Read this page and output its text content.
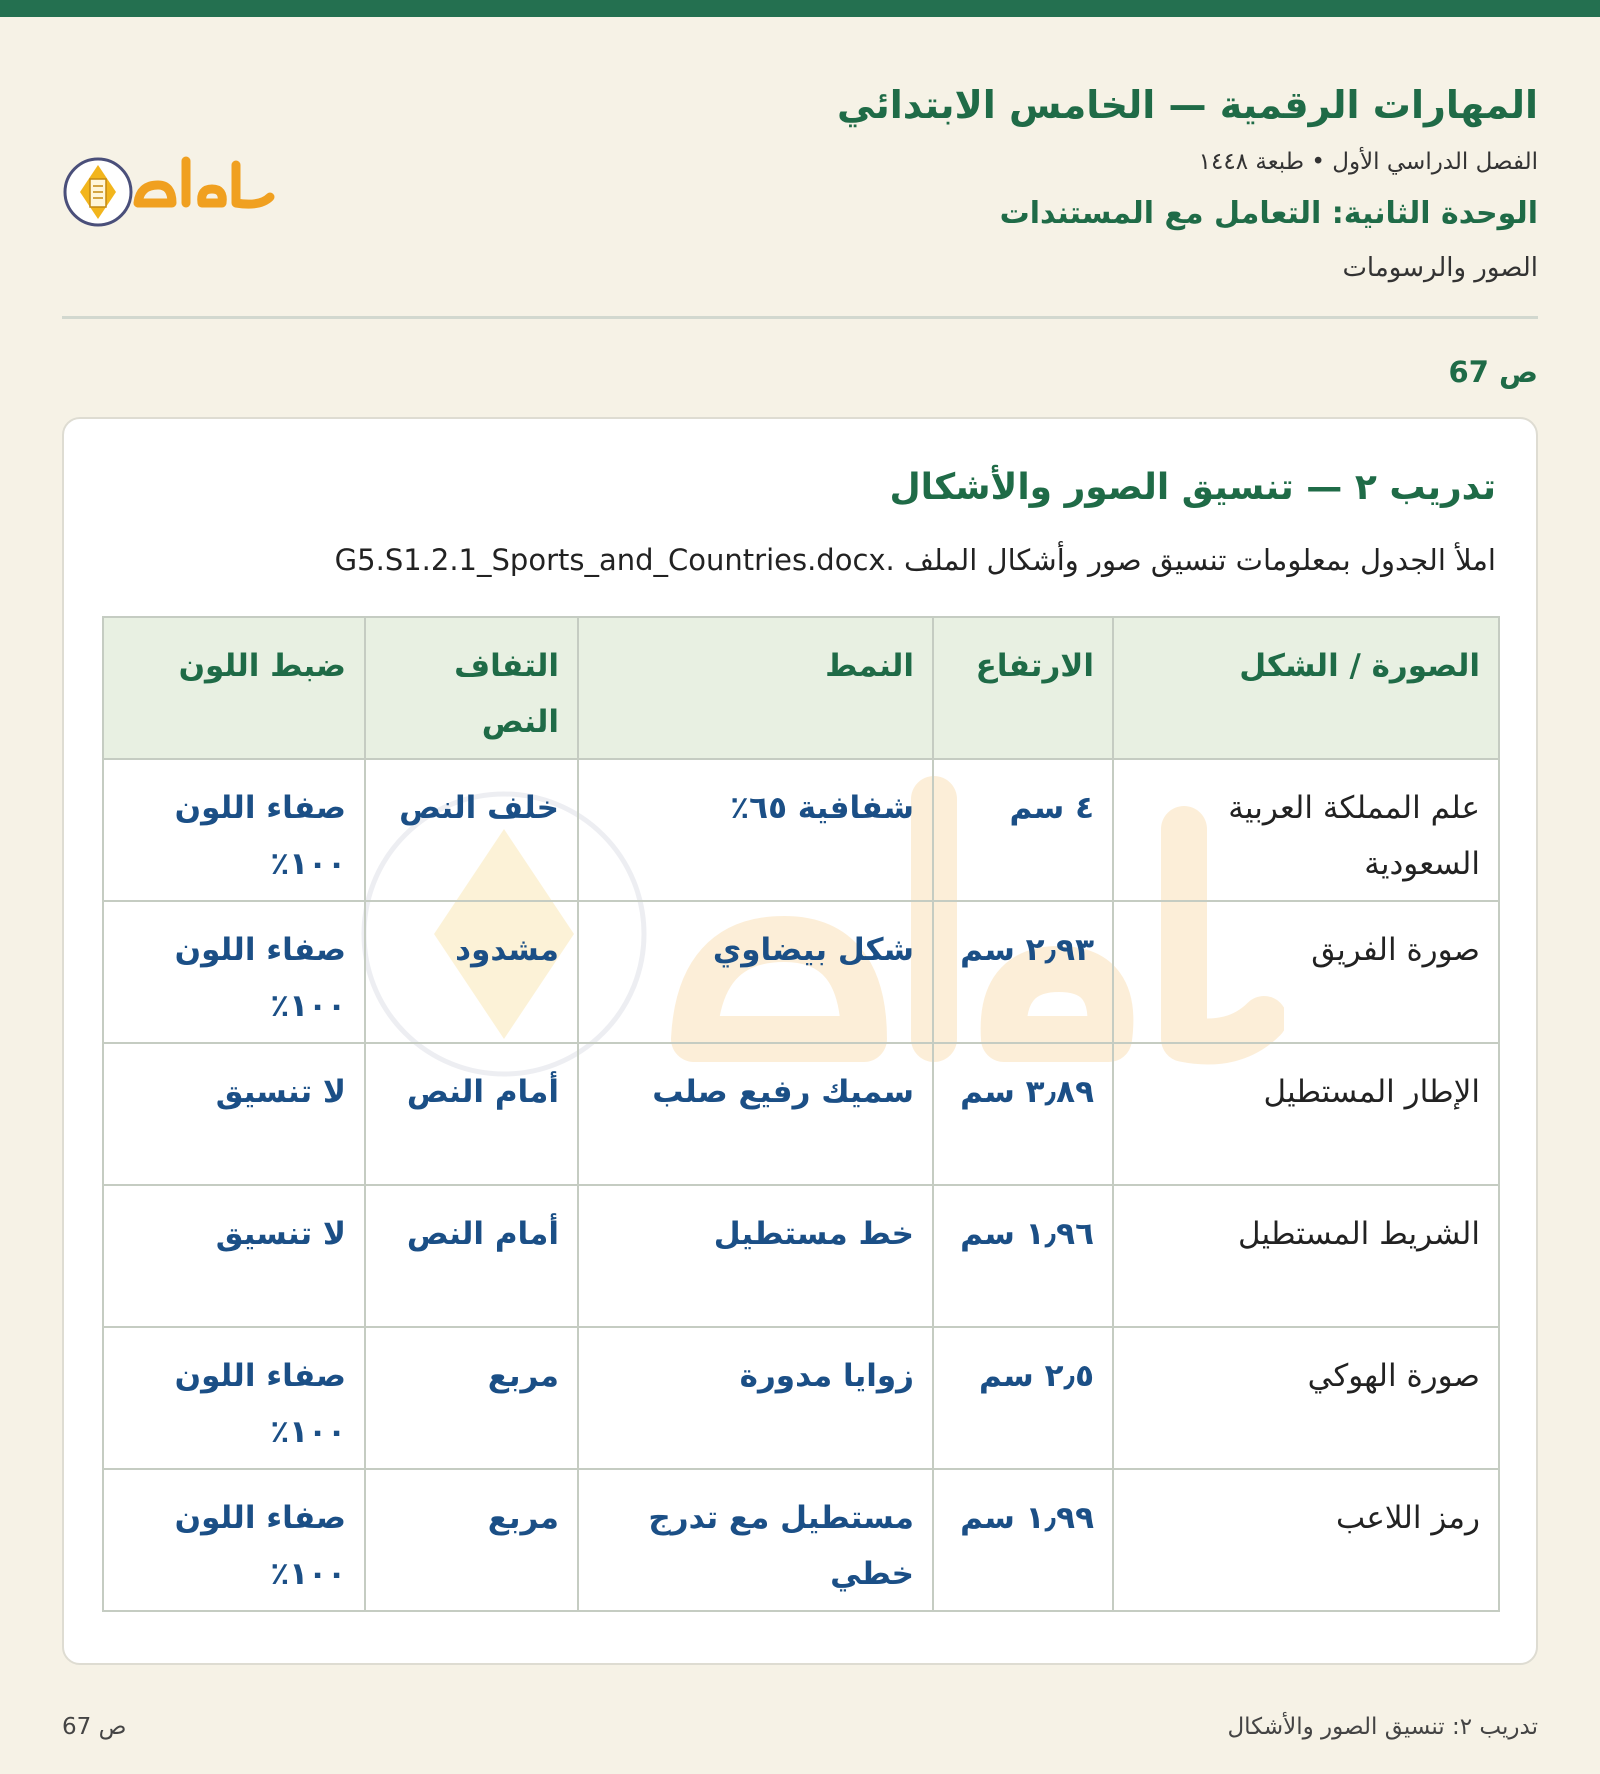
المهارات الرقمية — الخامس الابتدائي
الفصل الدراسي الأول • طبعة ١٤٤٨
الوحدة الثانية: التعامل مع المستندات
الصور والرسومات
ص 67
تدريب ٢ — تنسيق الصور والأشكال
املأ الجدول بمعلومات تنسيق صور وأشكال الملف G5.S1.2.1_Sports_and_Countries.docx.
الصورة / الشكل	الارتفاع	النمط	التفاف النص	ضبط اللون
علم المملكة العربية السعودية	٤ سم	شفافية ٦٥٪	خلف النص	صفاء اللون ١٠٠٪
صورة الفريق	٢٫٩٣ سم	شكل بيضاوي	مشدود	صفاء اللون ١٠٠٪
الإطار المستطيل	٣٫٨٩ سم	سميك رفيع صلب	أمام النص	لا تنسيق
الشريط المستطيل	١٫٩٦ سم	خط مستطيل	أمام النص	لا تنسيق
صورة الهوكي	٢٫٥ سم	زوايا مدورة	مربع	صفاء اللون ١٠٠٪
رمز اللاعب	١٫٩٩ سم	مستطيل مع تدرج خطي	مربع	صفاء اللون ١٠٠٪
تدريب ٢: تنسيق الصور والأشكال
ص 67
